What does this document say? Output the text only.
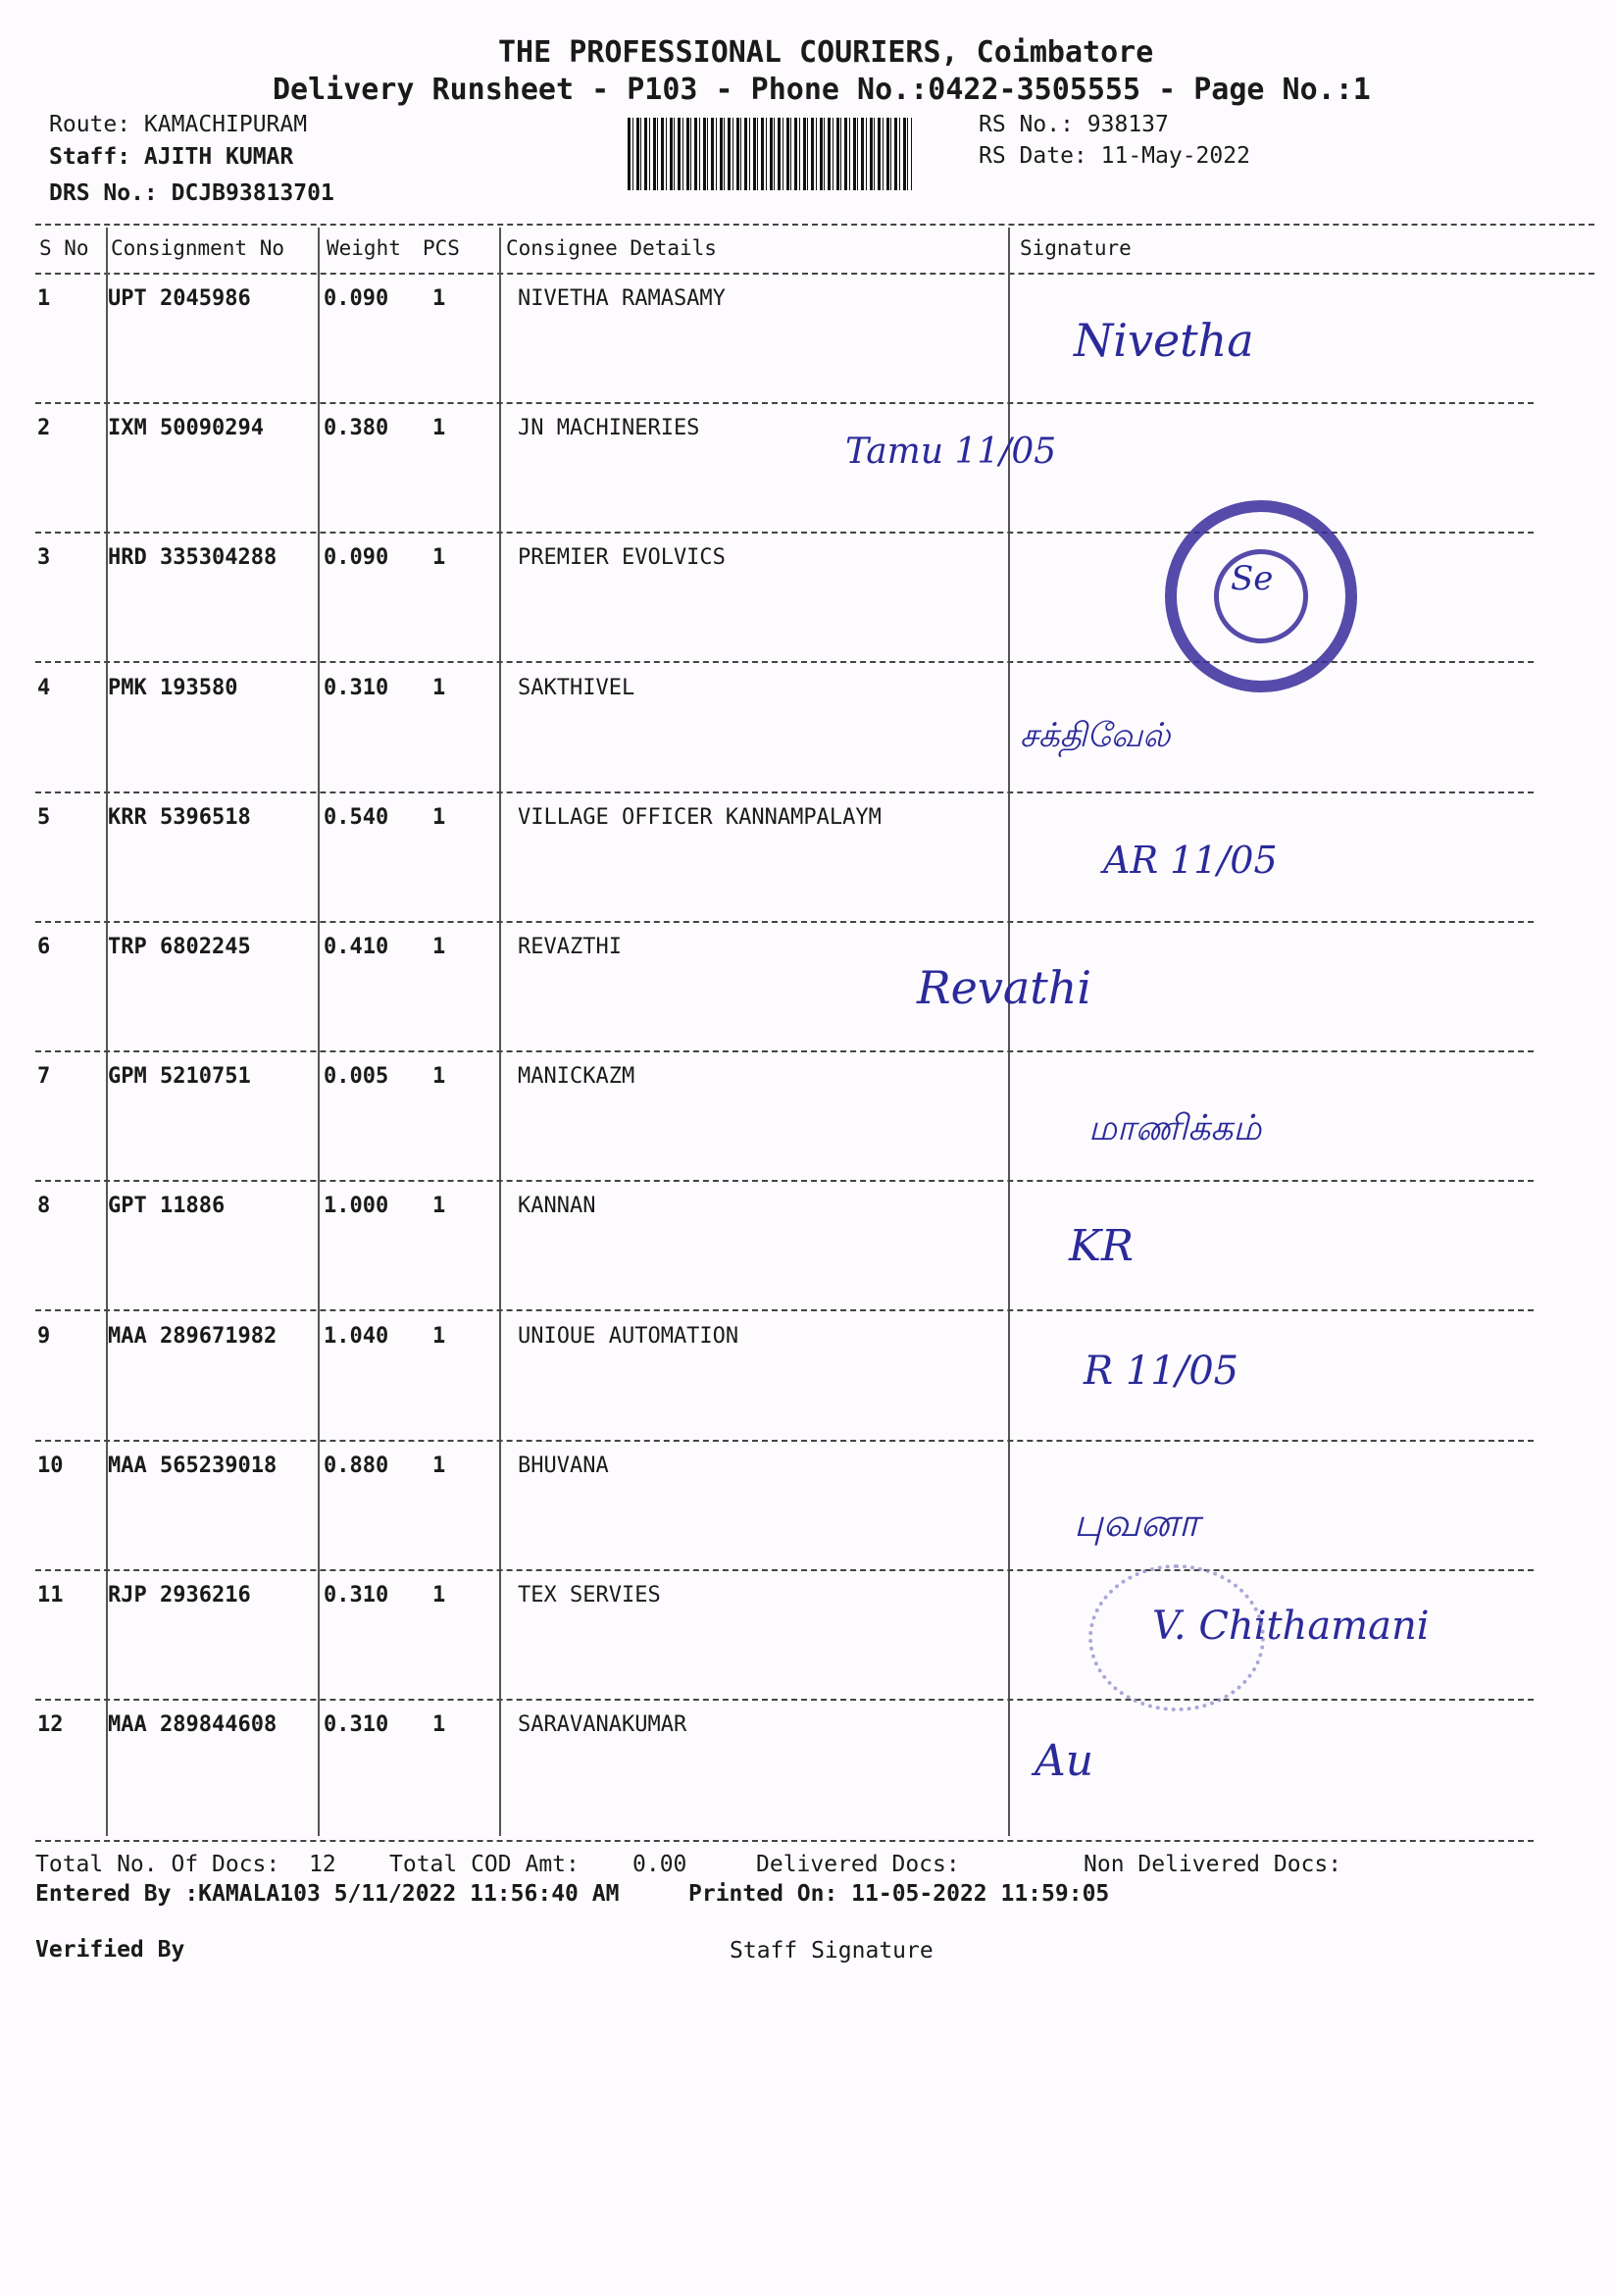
THE PROFESSIONAL COURIERS, Coimbatore
Delivery Runsheet - P103 - Phone No.:0422-3505555 - Page No.:1
Route: KAMACHIPURAM
Staff: AJITH KUMAR
DRS No.: DCJB93813701
RS No.: 938137
RS Date: 11-May-2022
S No Consignment No Weight PCS Consignee Details	Signature
1	UPT 2045986	0.090 1	NIVETHA RAMASAMY
Nivetha
2	IXM 50090294	0.380 1	JN MACHINERIES
Tamu 11/05
3	HRD 335304288 0.090 1	PREMIER EVOLVICS
Se
4	PMK 193580	0.310 1	SAKTHIVEL
சக்திவேல்
5	KRR 5396518	0.540 1	VILLAGE OFFICER KANNAMPALAYM
AR 11/05
6	TRP 6802245	0.410 1	REVAZTHI
Revathi
7	GPM 5210751	0.005 1	MANICKAZM
மாணிக்கம்
8	GPT 11886	1.000 1	KANNAN
KR
9	MAA 289671982 1.040 1	UNIOUE AUTOMATION
R 11/05
10 MAA 565239018 0.880 1	BHUVANA
புவனா
11 RJP 2936216	0.310 1	TEX SERVIES
V. Chithamani
12 MAA 289844608 0.310 1	SARAVANAKUMAR
Au
Total No. Of Docs: 12 Total COD Amt: 0.00	Delivered Docs:	Non Delivered Docs:
Entered By :KAMALA103 5/11/2022 11:56:40 AM	Printed On: 11-05-2022 11:59:05
Verified By	Staff Signature
